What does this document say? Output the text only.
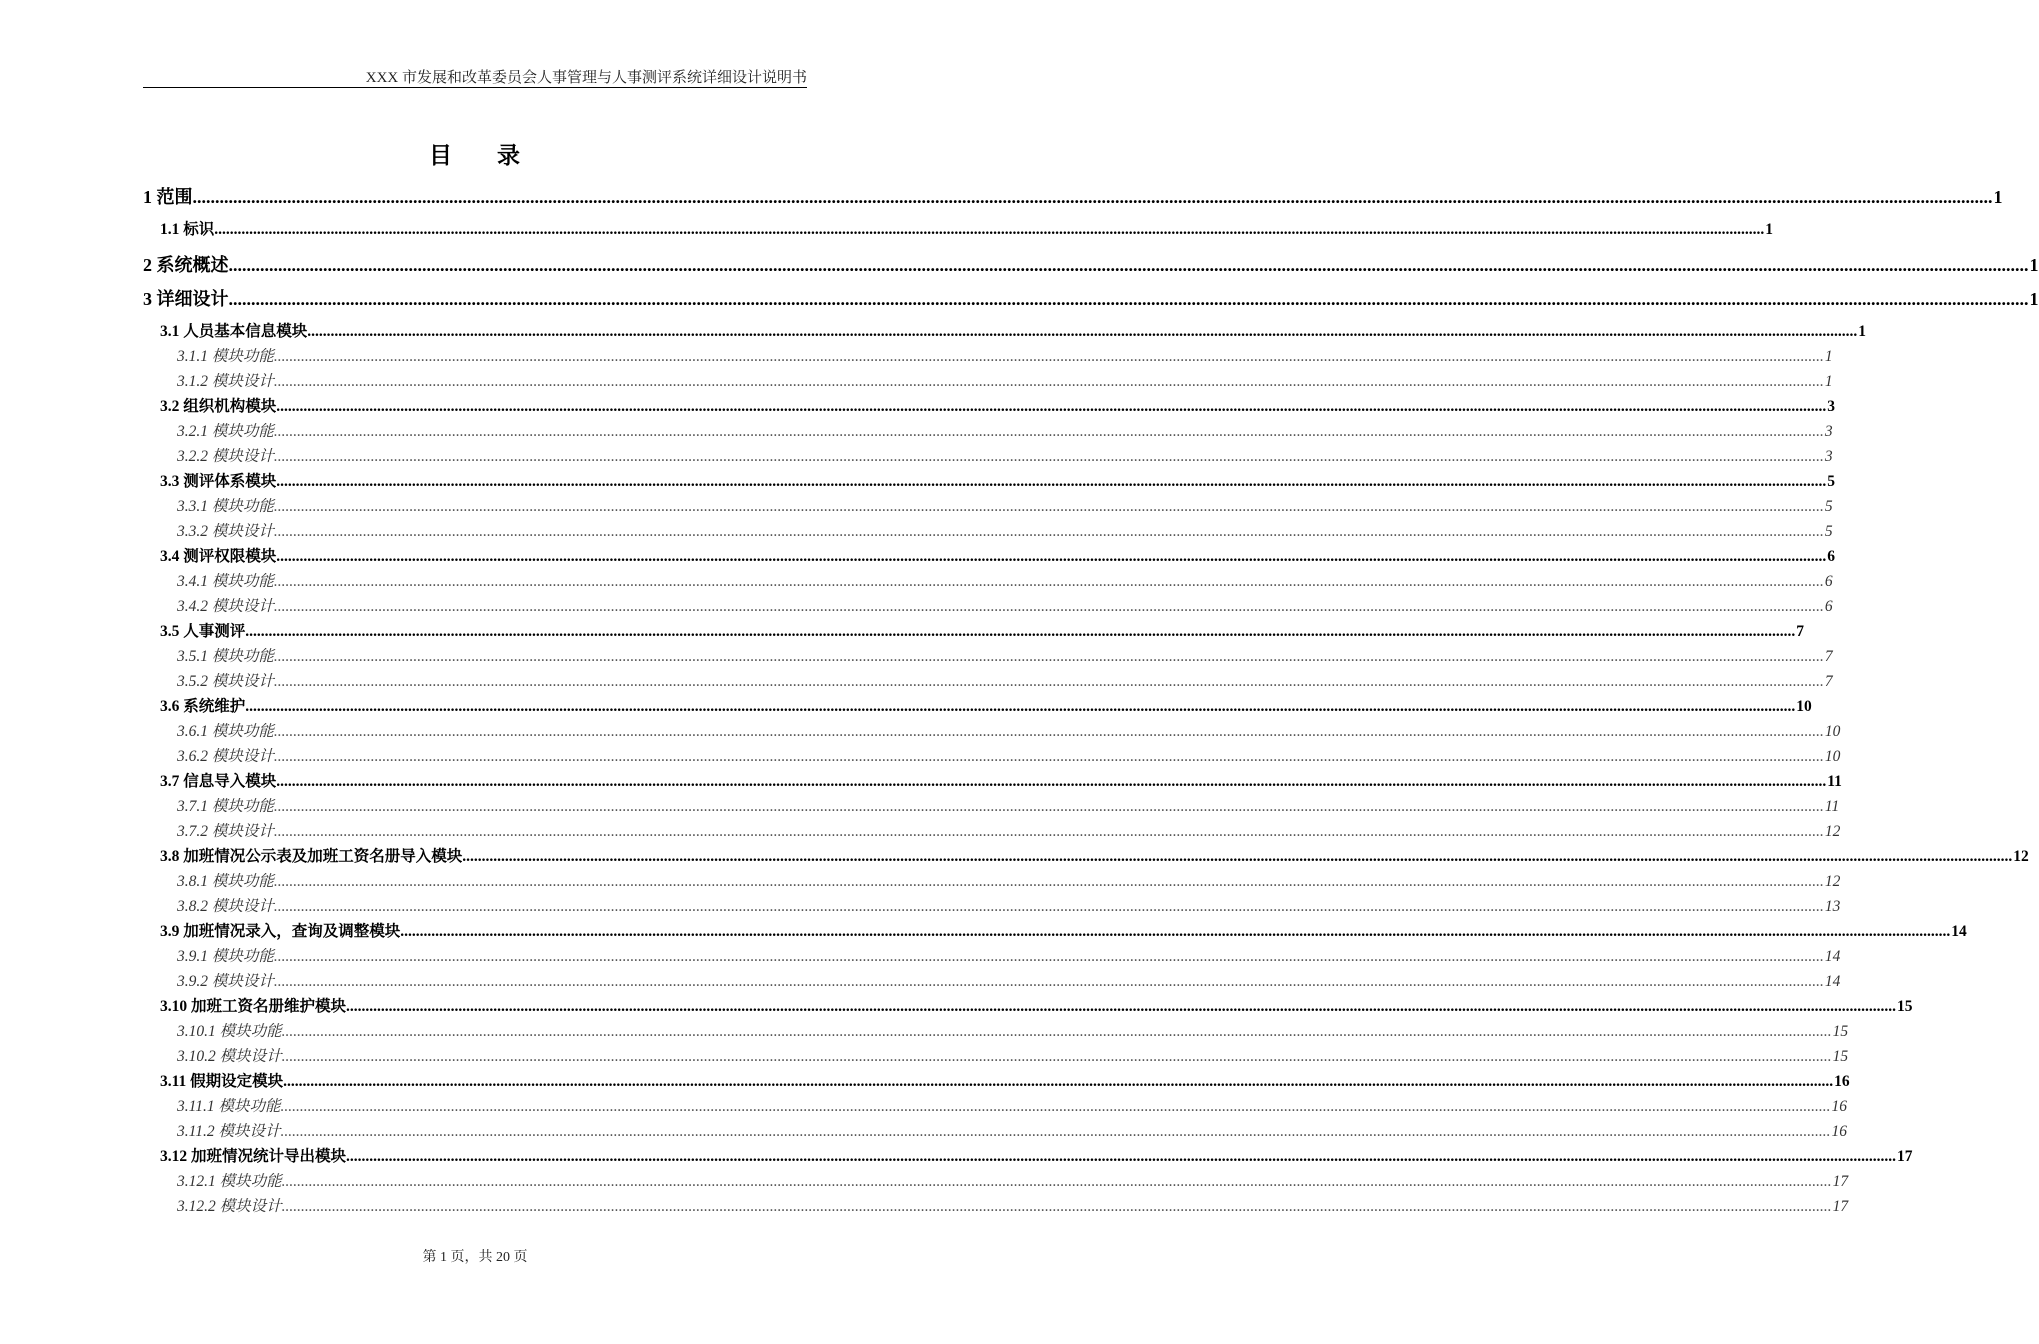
XXX 市发展和改革委员会人事管理与人事测评系统详细设计说明书
目 录
1 范围 ................................................................................................................................................................................................................................................................................................................................................................................................................ 1
1.1 标识 ................................................................................................................................................................................................................................................................................................................................................................................................................ 1
2 系统概述 ................................................................................................................................................................................................................................................................................................................................................................................................................ 1
3 详细设计 ................................................................................................................................................................................................................................................................................................................................................................................................................ 1
3.1 人员基本信息模块 ................................................................................................................................................................................................................................................................................................................................................................................................................ 1
3.1.1 模块功能 ................................................................................................................................................................................................................................................................................................................................................................................................................ 1
3.1.2 模块设计 ................................................................................................................................................................................................................................................................................................................................................................................................................ 1
3.2 组织机构模块 ................................................................................................................................................................................................................................................................................................................................................................................................................ 3
3.2.1 模块功能 ................................................................................................................................................................................................................................................................................................................................................................................................................ 3
3.2.2 模块设计 ................................................................................................................................................................................................................................................................................................................................................................................................................ 3
3.3 测评体系模块 ................................................................................................................................................................................................................................................................................................................................................................................................................ 5
3.3.1 模块功能 ................................................................................................................................................................................................................................................................................................................................................................................................................ 5
3.3.2 模块设计 ................................................................................................................................................................................................................................................................................................................................................................................................................ 5
3.4 测评权限模块 ................................................................................................................................................................................................................................................................................................................................................................................................................ 6
3.4.1 模块功能 ................................................................................................................................................................................................................................................................................................................................................................................................................ 6
3.4.2 模块设计 ................................................................................................................................................................................................................................................................................................................................................................................................................ 6
3.5 人事测评 ................................................................................................................................................................................................................................................................................................................................................................................................................ 7
3.5.1 模块功能 ................................................................................................................................................................................................................................................................................................................................................................................................................ 7
3.5.2 模块设计 ................................................................................................................................................................................................................................................................................................................................................................................................................ 7
3.6 系统维护 ................................................................................................................................................................................................................................................................................................................................................................................................................ 10
3.6.1 模块功能 ................................................................................................................................................................................................................................................................................................................................................................................................................ 10
3.6.2 模块设计 ................................................................................................................................................................................................................................................................................................................................................................................................................ 10
3.7 信息导入模块 ................................................................................................................................................................................................................................................................................................................................................................................................................ 11
3.7.1 模块功能 ................................................................................................................................................................................................................................................................................................................................................................................................................ 11
3.7.2 模块设计 ................................................................................................................................................................................................................................................................................................................................................................................................................ 12
3.8 加班情况公示表及加班工资名册导入模块 ................................................................................................................................................................................................................................................................................................................................................................................................................ 12
3.8.1 模块功能 ................................................................................................................................................................................................................................................................................................................................................................................................................ 12
3.8.2 模块设计 ................................................................................................................................................................................................................................................................................................................................................................................................................ 13
3.9 加班情况录入，查询及调整模块 ................................................................................................................................................................................................................................................................................................................................................................................................................ 14
3.9.1 模块功能 ................................................................................................................................................................................................................................................................................................................................................................................................................ 14
3.9.2 模块设计 ................................................................................................................................................................................................................................................................................................................................................................................................................ 14
3.10 加班工资名册维护模块 ................................................................................................................................................................................................................................................................................................................................................................................................................ 15
3.10.1 模块功能 ................................................................................................................................................................................................................................................................................................................................................................................................................ 15
3.10.2 模块设计 ................................................................................................................................................................................................................................................................................................................................................................................................................ 15
3.11 假期设定模块 ................................................................................................................................................................................................................................................................................................................................................................................................................ 16
3.11.1 模块功能 ................................................................................................................................................................................................................................................................................................................................................................................................................ 16
3.11.2 模块设计 ................................................................................................................................................................................................................................................................................................................................................................................................................ 16
3.12 加班情况统计导出模块 ................................................................................................................................................................................................................................................................................................................................................................................................................ 17
3.12.1 模块功能 ................................................................................................................................................................................................................................................................................................................................................................................................................ 17
3.12.2 模块设计 ................................................................................................................................................................................................................................................................................................................................................................................................................ 17
第 1 页，共 20 页
